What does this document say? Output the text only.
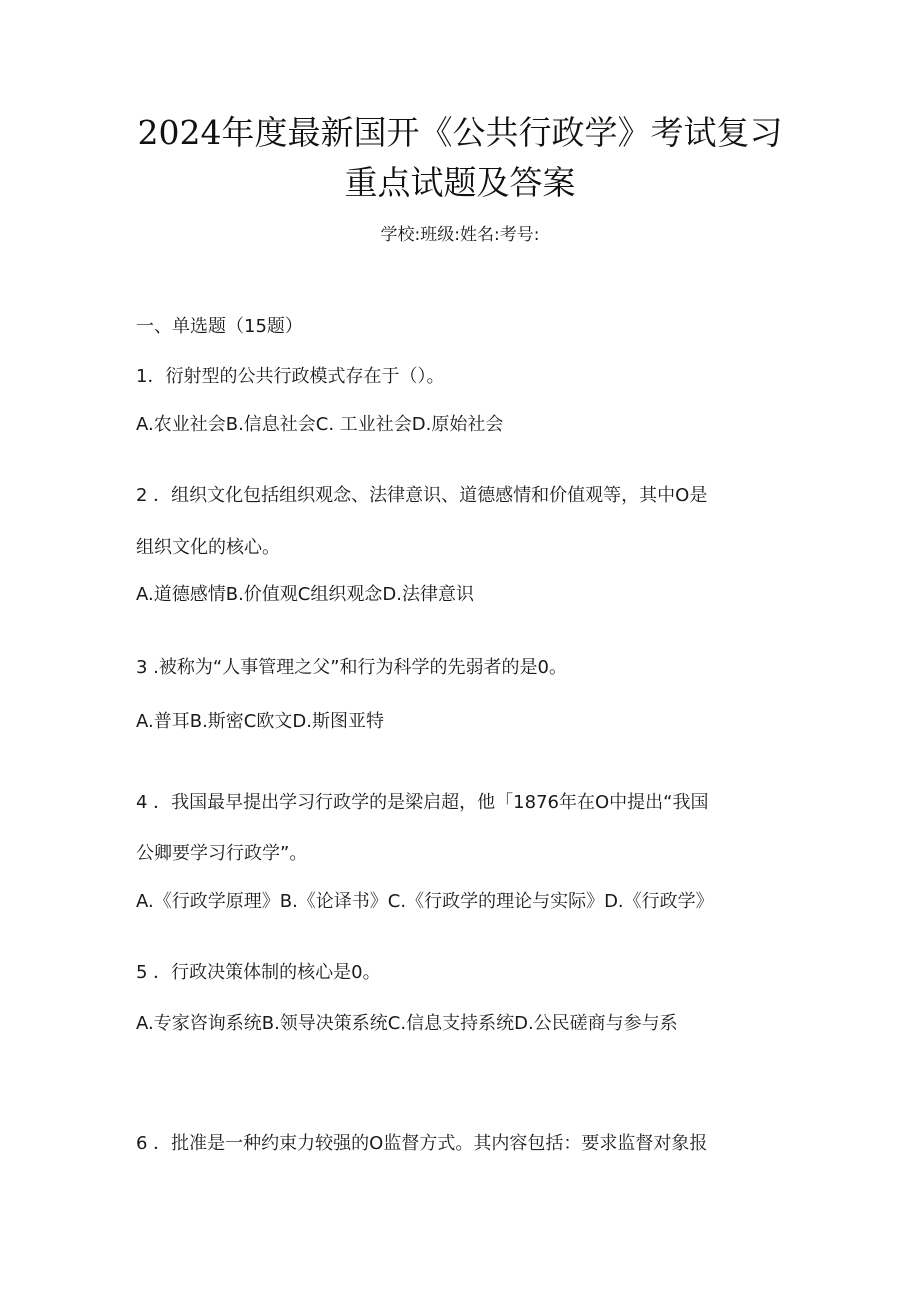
2024年度最新国开《公共行政学》考试复习
重点试题及答案
学校:班级:姓名:考号:
一、单选题（15题）
1．衍射型的公共行政模式存在于（）。
A.农业社会B.信息社会C. 工业社会D.原始社会
2 ．组织文化包括组织观念、法律意识、道德感情和价值观等，其中O是
组织文化的核心。
A.道德感情B.价值观C组织观念D.法律意识
3 .被称为“人事管理之父”和行为科学的先弱者的是0。
A.普耳B.斯密C欧文D.斯图亚特
4 ．我国最早提出学习行政学的是梁启超，他「1876年在O中提出“我国
公卿要学习行政学”。
A.《行政学原理》B.《论译书》C.《行政学的理论与实际》D.《行政学》
5 ．行政决策体制的核心是0。
A.专家咨询系统B.领导决策系统C.信息支持系统D.公民磋商与参与系
6 ．批准是一种约束力较强的O监督方式。其内容包括：要求监督对象报
